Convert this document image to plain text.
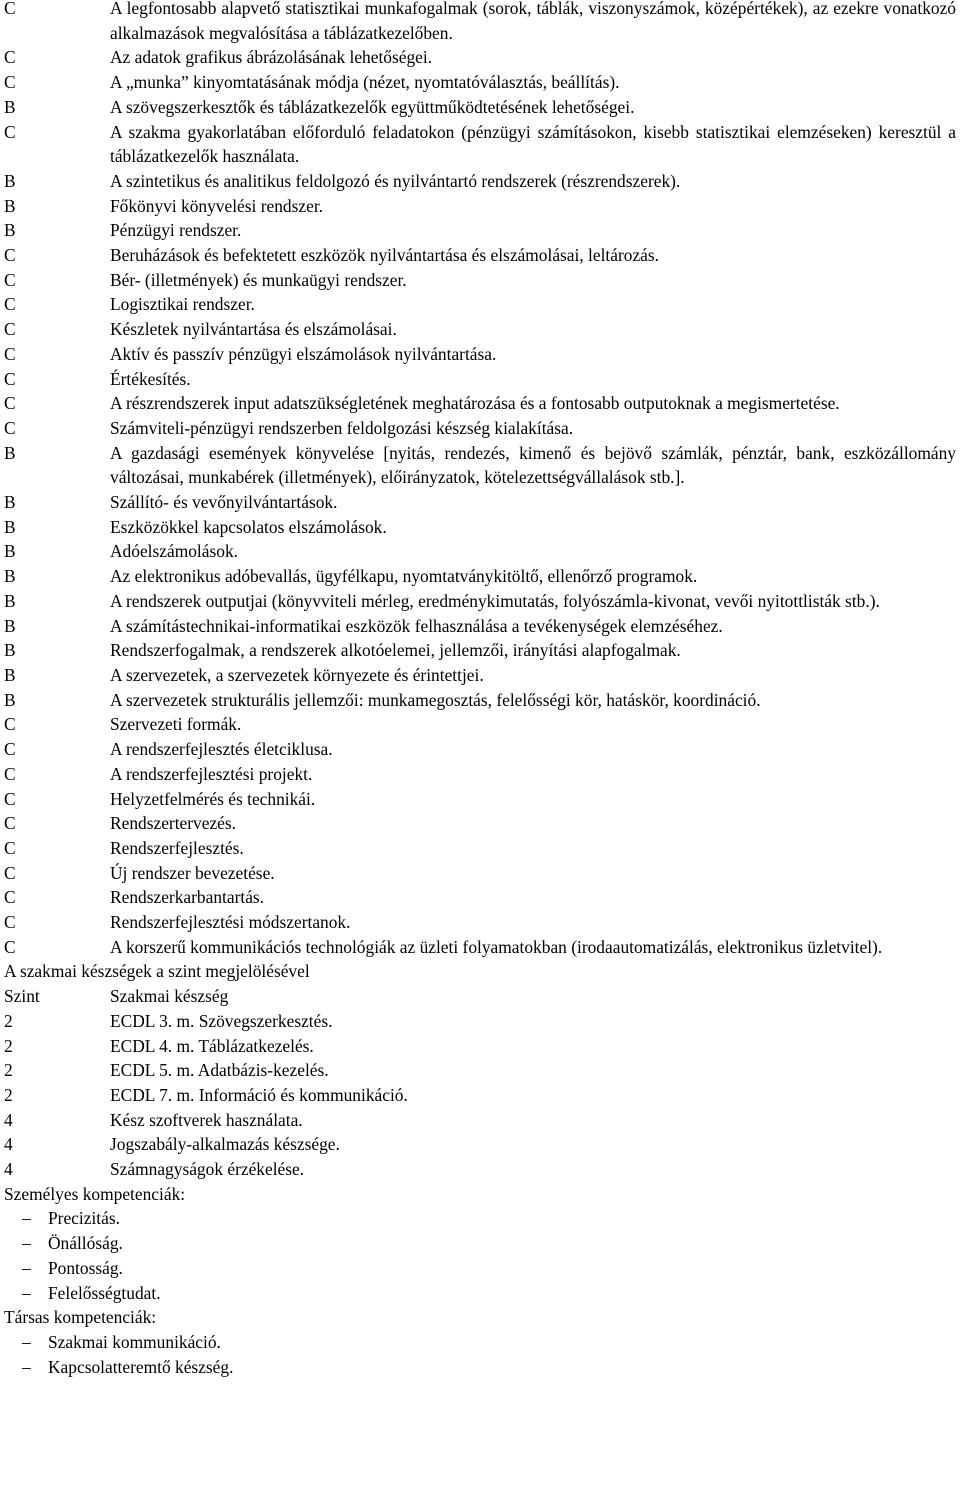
C	A legfontosabb alapvető statisztikai munkafogalmak (sorok, táblák, viszonyszámok, középértékek), az ezekre vonatkozó alkalmazások megvalósítása a táblázatkezelőben.
C	Az adatok grafikus ábrázolásának lehetőségei.
C	A „munka” kinyomtatásának módja (nézet, nyomtatóválasztás, beállítás).
B	A szövegszerkesztők és táblázatkezelők együttműködtetésének lehetőségei.
C	A szakma gyakorlatában előforduló feladatokon (pénzügyi számításokon, kisebb statisztikai elemzéseken) keresztül a táblázatkezelők használata.
B	A szintetikus és analitikus feldolgozó és nyilvántartó rendszerek (részrendszerek).
B	Főkönyvi könyvelési rendszer.
B	Pénzügyi rendszer.
C	Beruházások és befektetett eszközök nyilvántartása és elszámolásai, leltározás.
C	Bér- (illetmények) és munkaügyi rendszer.
C	Logisztikai rendszer.
C	Készletek nyilvántartása és elszámolásai.
C	Aktív és passzív pénzügyi elszámolások nyilvántartása.
C	Értékesítés.
C	A részrendszerek input adatszükségletének meghatározása és a fontosabb outputoknak a megismertetése.
C	Számviteli-pénzügyi rendszerben feldolgozási készség kialakítása.
B	A gazdasági események könyvelése [nyitás, rendezés, kimenő és bejövő számlák, pénztár, bank, eszközállomány változásai, munkabérek (illetmények), előirányzatok, kötelezettségvállalások stb.].
B	Szállító- és vevőnyilvántartások.
B	Eszközökkel kapcsolatos elszámolások.
B	Adóelszámolások.
B	Az elektronikus adóbevallás, ügyfélkapu, nyomtatványkitöltő, ellenőrző programok.
B	A rendszerek outputjai (könyvviteli mérleg, eredménykimutatás, folyószámla-kivonat, vevői nyitottlisták stb.).
B	A számítástechnikai-informatikai eszközök felhasználása a tevékenységek elemzéséhez.
B	Rendszerfogalmak, a rendszerek alkotóelemei, jellemzői, irányítási alapfogalmak.
B	A szervezetek, a szervezetek környezete és érintettjei.
B	A szervezetek strukturális jellemzői: munkamegosztás, felelősségi kör, hatáskör, koordináció.
C	Szervezeti formák.
C	A rendszerfejlesztés életciklusa.
C	A rendszerfejlesztési projekt.
C	Helyzetfelmérés és technikái.
C	Rendszertervezés.
C	Rendszerfejlesztés.
C	Új rendszer bevezetése.
C	Rendszerkarbantartás.
C	Rendszerfejlesztési módszertanok.
C	A korszerű kommunikációs technológiák az üzleti folyamatokban (irodaautomatizálás, elektronikus üzletvitel).
A szakmai készségek a szint megjelölésével
Szint	Szakmai készség
2	ECDL 3. m. Szövegszerkesztés.
2	ECDL 4. m. Táblázatkezelés.
2	ECDL 5. m. Adatbázis-kezelés.
2	ECDL 7. m. Információ és kommunikáció.
4	Kész szoftverek használata.
4	Jogszabály-alkalmazás készsége.
4	Számnagyságok érzékelése.
Személyes kompetenciák:
– Precizitás.
– Önállóság.
– Pontosság.
– Felelősségtudat.
Társas kompetenciák:
– Szakmai kommunikáció.
– Kapcsolatteremtő készség.
